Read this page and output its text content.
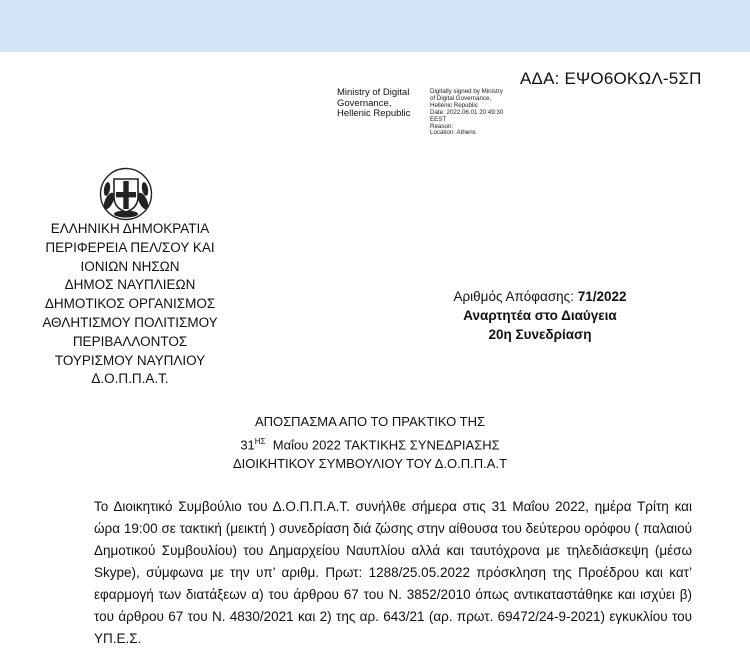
ΑΔΑ: ΕΨΟ6ΟΚΩΛ-5ΣΠ
Ministry of Digital
Governance,
Hellenic Republic
Digitally signed by Ministry
of Digital Governance,
Hellenic Republic
Date: 2022.06.01 20:49:30
EEST
Reason:
Location: Athens
ΕΛΛΗΝΙΚΗ ΔΗΜΟΚΡΑΤΙΑ
ΠΕΡΙΦΕΡΕΙΑ ΠΕΛ/ΣΟΥ ΚΑΙ
ΙΟΝΙΩΝ ΝΗΣΩΝ
ΔΗΜΟΣ ΝΑΥΠΛΙΕΩΝ
ΔΗΜΟΤΙΚΟΣ ΟΡΓΑΝΙΣΜΟΣ
ΑΘΛΗΤΙΣΜΟΥ ΠΟΛΙΤΙΣΜΟΥ
ΠΕΡΙΒΑΛΛΟΝΤΟΣ
ΤΟΥΡΙΣΜΟΥ ΝΑΥΠΛΙΟΥ
Δ.Ο.Π.Π.Α.Τ.
Αριθμός Απόφασης: 71/2022
Αναρτητέα στο Διαύγεια
20η Συνεδρίαση
ΑΠΟΣΠΑΣΜΑ ΑΠΟ ΤΟ ΠΡΑΚΤΙΚΟ ΤΗΣ
$31^{H\Sigma}$  Μαΐου 2022 ΤΑΚΤΙΚΗΣ ΣΥΝΕΔΡΙΑΣΗΣ
ΔΙΟΙΚΗΤΙΚΟΥ ΣΥΜΒΟΥΛΙΟΥ ΤΟΥ Δ.Ο.Π.Π.Α.Τ
Το Διοικητικό Συμβούλιο του Δ.Ο.Π.Π.Α.Τ. συνήλθε σήμερα στις 31 Μαΐου 2022, ημέρα Τρίτη και ώρα 19:00 σε τακτική (μεικτή ) συνεδρίαση διά ζώσης στην αίθουσα του δεύτερου ορόφου ( παλαιού Δημοτικού Συμβουλίου) του Δημαρχείου Ναυπλίου αλλά και ταυτόχρονα με τηλεδιάσκεψη (μέσω Skype), σύμφωνα με την υπ’ αριθμ. Πρωτ: 1288/25.05.2022 πρόσκληση της Προέδρου και κατ’ εφαρμογή των διατάξεων α) του άρθρου 67 του Ν. 3852/2010 όπως αντικαταστάθηκε και ισχύει β) του άρθρου 67 του Ν. 4830/2021 και 2) της αρ. 643/21 (αρ. πρωτ. 69472/24-9-2021) εγκυκλίου του ΥΠ.Ε.Σ.
